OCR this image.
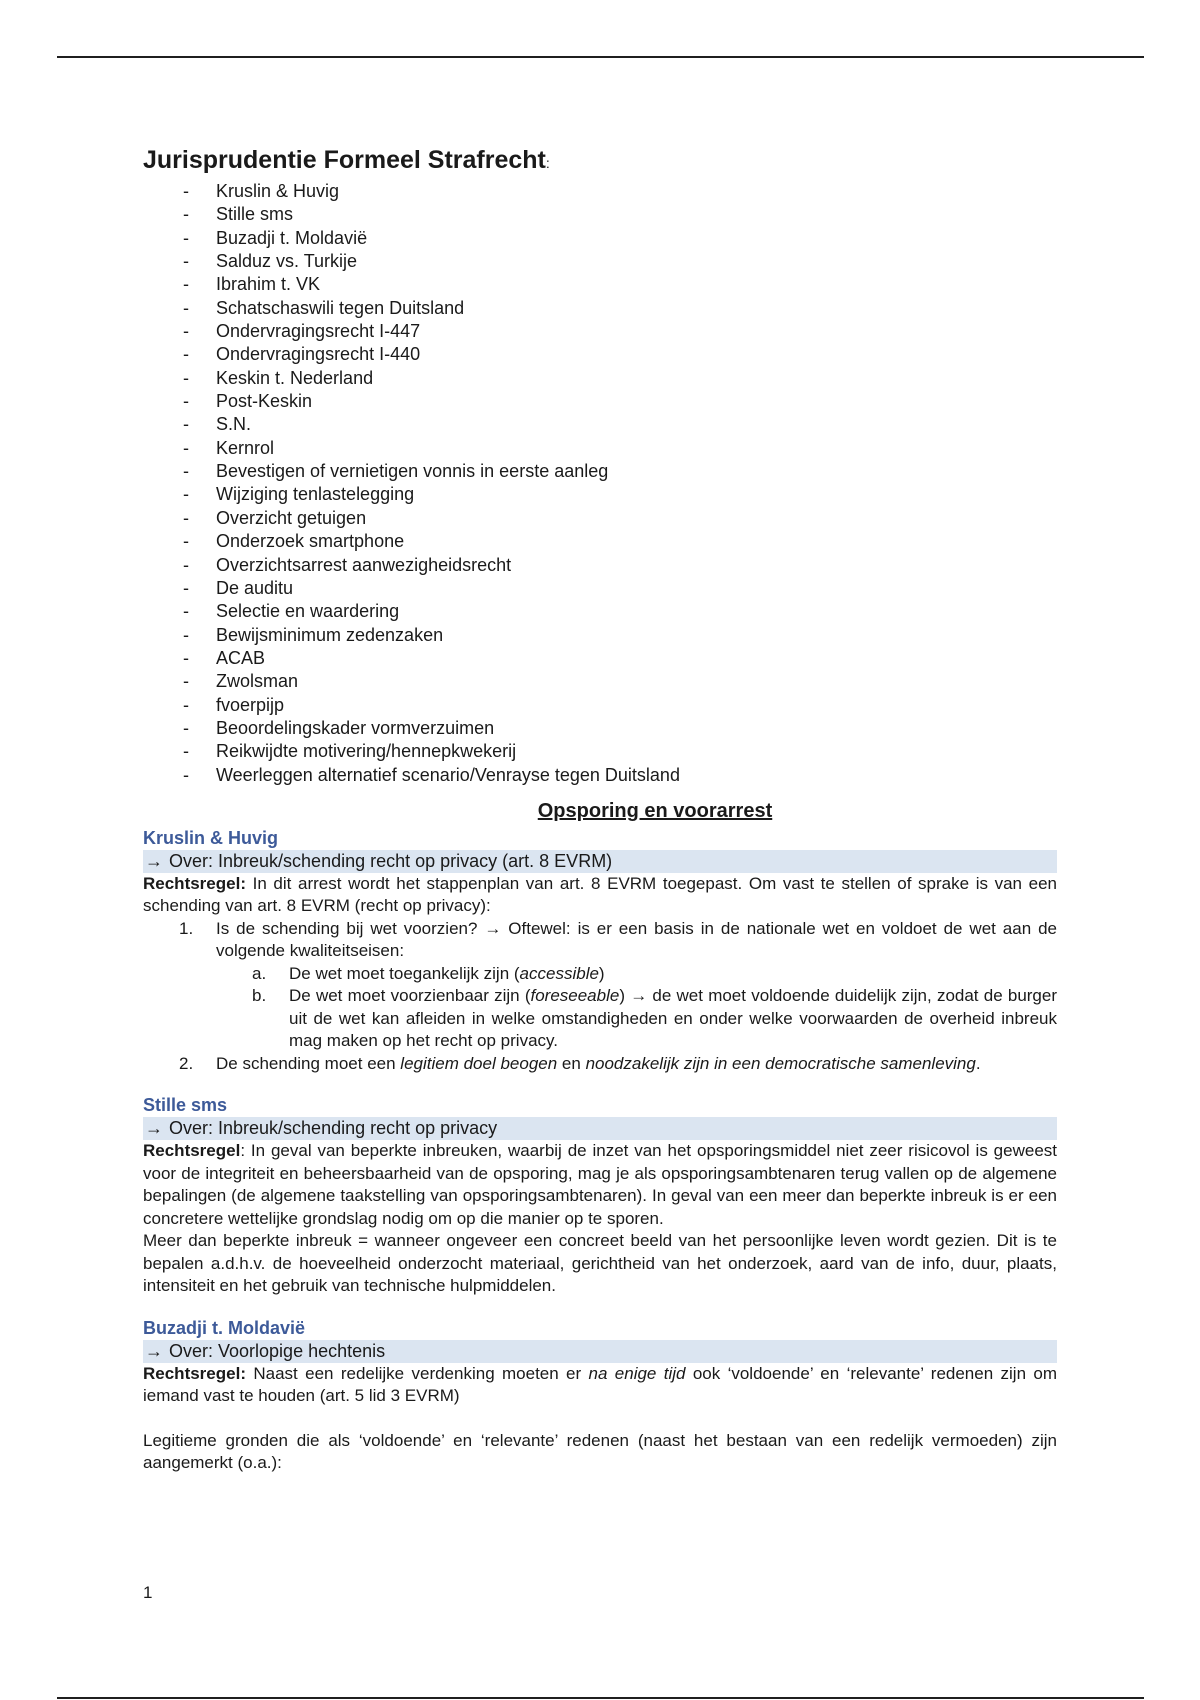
Jurisprudentie Formeel Strafrecht:
- Kruslin & Huvig
- Stille sms
- Buzadji t. Moldavië
- Salduz vs. Turkije
- Ibrahim t. VK
- Schatschaswili tegen Duitsland
- Ondervragingsrecht I-447
- Ondervragingsrecht I-440
- Keskin t. Nederland
- Post-Keskin
- S.N.
- Kernrol
- Bevestigen of vernietigen vonnis in eerste aanleg
- Wijziging tenlastelegging
- Overzicht getuigen
- Onderzoek smartphone
- Overzichtsarrest aanwezigheidsrecht
- De auditu
- Selectie en waardering
- Bewijsminimum zedenzaken
- ACAB
- Zwolsman
- fvoerpijp
- Beoordelingskader vormverzuimen
- Reikwijdte motivering/hennepkwekerij
- Weerleggen alternatief scenario/Venrayse tegen Duitsland
Opsporing en voorarrest
Kruslin & Huvig
→ Over: Inbreuk/schending recht op privacy (art. 8 EVRM)

Rechtsregel: In dit arrest wordt het stappenplan van art. 8 EVRM toegepast. Om vast te stellen of sprake is van een schending van art. 8 EVRM (recht op privacy):

1. Is de schending bij wet voorzien? → Oftewel: is er een basis in de nationale wet en voldoet de wet aan de volgende kwaliteitseisen:
a. De wet moet toegankelijk zijn (accessible)
b. De wet moet voorzienbaar zijn (foreseeable) → de wet moet voldoende duidelijk zijn, zodat de burger uit de wet kan afleiden in welke omstandigheden en onder welke voorwaarden de overheid inbreuk mag maken op het recht op privacy.
2. De schending moet een legitiem doel beogen en noodzakelijk zijn in een democratische samenleving.
Stille sms
→ Over: Inbreuk/schending recht op privacy

Rechtsregel: In geval van beperkte inbreuken, waarbij de inzet van het opsporingsmiddel niet zeer risicovol is geweest voor de integriteit en beheersbaarheid van de opsporing, mag je als opsporingsambtenaren terug vallen op de algemene bepalingen (de algemene taakstelling van opsporingsambtenaren). In geval van een meer dan beperkte inbreuk is er een concretere wettelijke grondslag nodig om op die manier op te sporen.

Meer dan beperkte inbreuk = wanneer ongeveer een concreet beeld van het persoonlijke leven wordt gezien. Dit is te bepalen a.d.h.v. de hoeveelheid onderzocht materiaal, gerichtheid van het onderzoek, aard van de info, duur, plaats, intensiteit en het gebruik van technische hulpmiddelen.

Buzadji t. Moldavië
→ Over: Voorlopige hechtenis

Rechtsregel: Naast een redelijke verdenking moeten er na enige tijd ook ‘voldoende’ en ‘relevante’ redenen zijn om iemand vast te houden (art. 5 lid 3 EVRM)

Legitieme gronden die als ‘voldoende’ en ‘relevante’ redenen (naast het bestaan van een redelijk vermoeden) zijn aangemerkt (o.a.):

1
